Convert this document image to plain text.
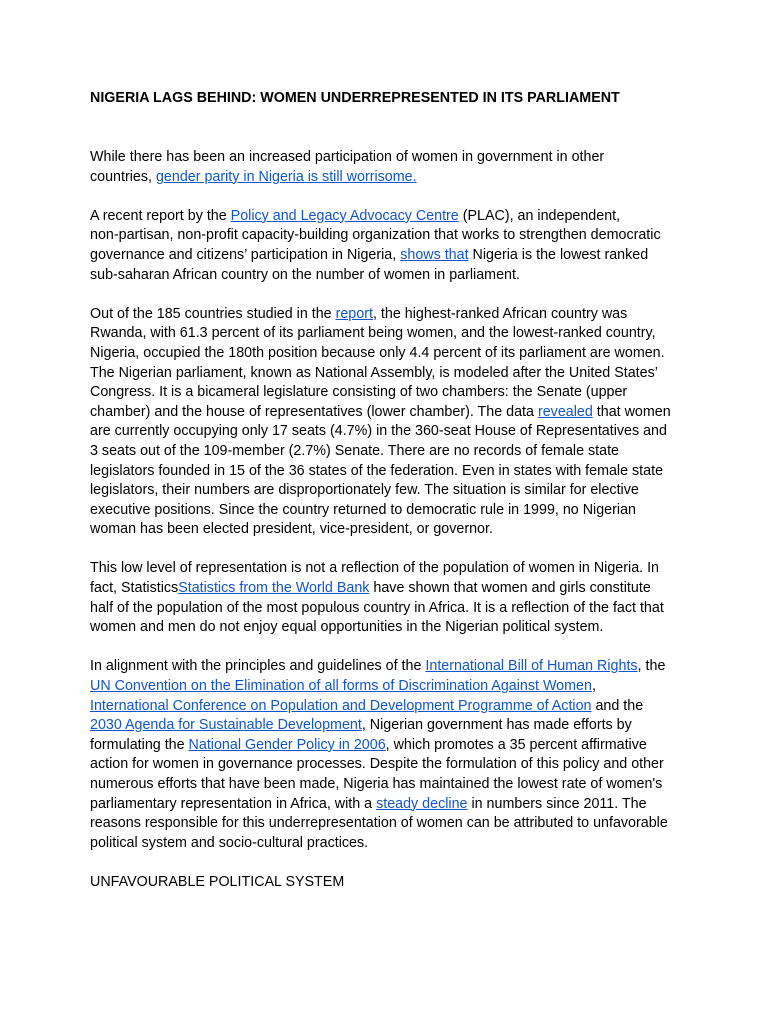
NIGERIA LAGS BEHIND: WOMEN UNDERREPRESENTED IN ITS PARLIAMENT

While there has been an increased participation of women in government in other
countries, gender parity in Nigeria is still worrisome.

A recent report by the Policy and Legacy Advocacy Centre (PLAC), an independent,
non-partisan, non-profit capacity-building organization that works to strengthen democratic
governance and citizens’ participation in Nigeria, shows that Nigeria is the lowest ranked
sub-saharan African country on the number of women in parliament.

Out of the 185 countries studied in the report, the highest-ranked African country was
Rwanda, with 61.3 percent of its parliament being women, and the lowest-ranked country,
Nigeria, occupied the 180th position because only 4.4 percent of its parliament are women.
The Nigerian parliament, known as National Assembly, is modeled after the United States’
Congress. It is a bicameral legislature consisting of two chambers: the Senate (upper
chamber) and the house of representatives (lower chamber). The data revealed that women
are currently occupying only 17 seats (4.7%) in the 360-seat House of Representatives and
3 seats out of the 109-member (2.7%) Senate. There are no records of female state
legislators founded in 15 of the 36 states of the federation. Even in states with female state
legislators, their numbers are disproportionately few. The situation is similar for elective
executive positions. Since the country returned to democratic rule in 1999, no Nigerian
woman has been elected president, vice-president, or governor.

This low level of representation is not a reflection of the population of women in Nigeria. In
fact, StatisticsStatistics from the World Bank have shown that women and girls constitute
half of the population of the most populous country in Africa. It is a reflection of the fact that
women and men do not enjoy equal opportunities in the Nigerian political system.

In alignment with the principles and guidelines of the International Bill of Human Rights, the
UN Convention on the Elimination of all forms of Discrimination Against Women,
International Conference on Population and Development Programme of Action and the
2030 Agenda for Sustainable Development, Nigerian government has made efforts by
formulating the National Gender Policy in 2006, which promotes a 35 percent affirmative
action for women in governance processes. Despite the formulation of this policy and other
numerous efforts that have been made, Nigeria has maintained the lowest rate of women's
parliamentary representation in Africa, with a steady decline in numbers since 2011. The
reasons responsible for this underrepresentation of women can be attributed to unfavorable
political system and socio-cultural practices.

UNFAVOURABLE POLITICAL SYSTEM
